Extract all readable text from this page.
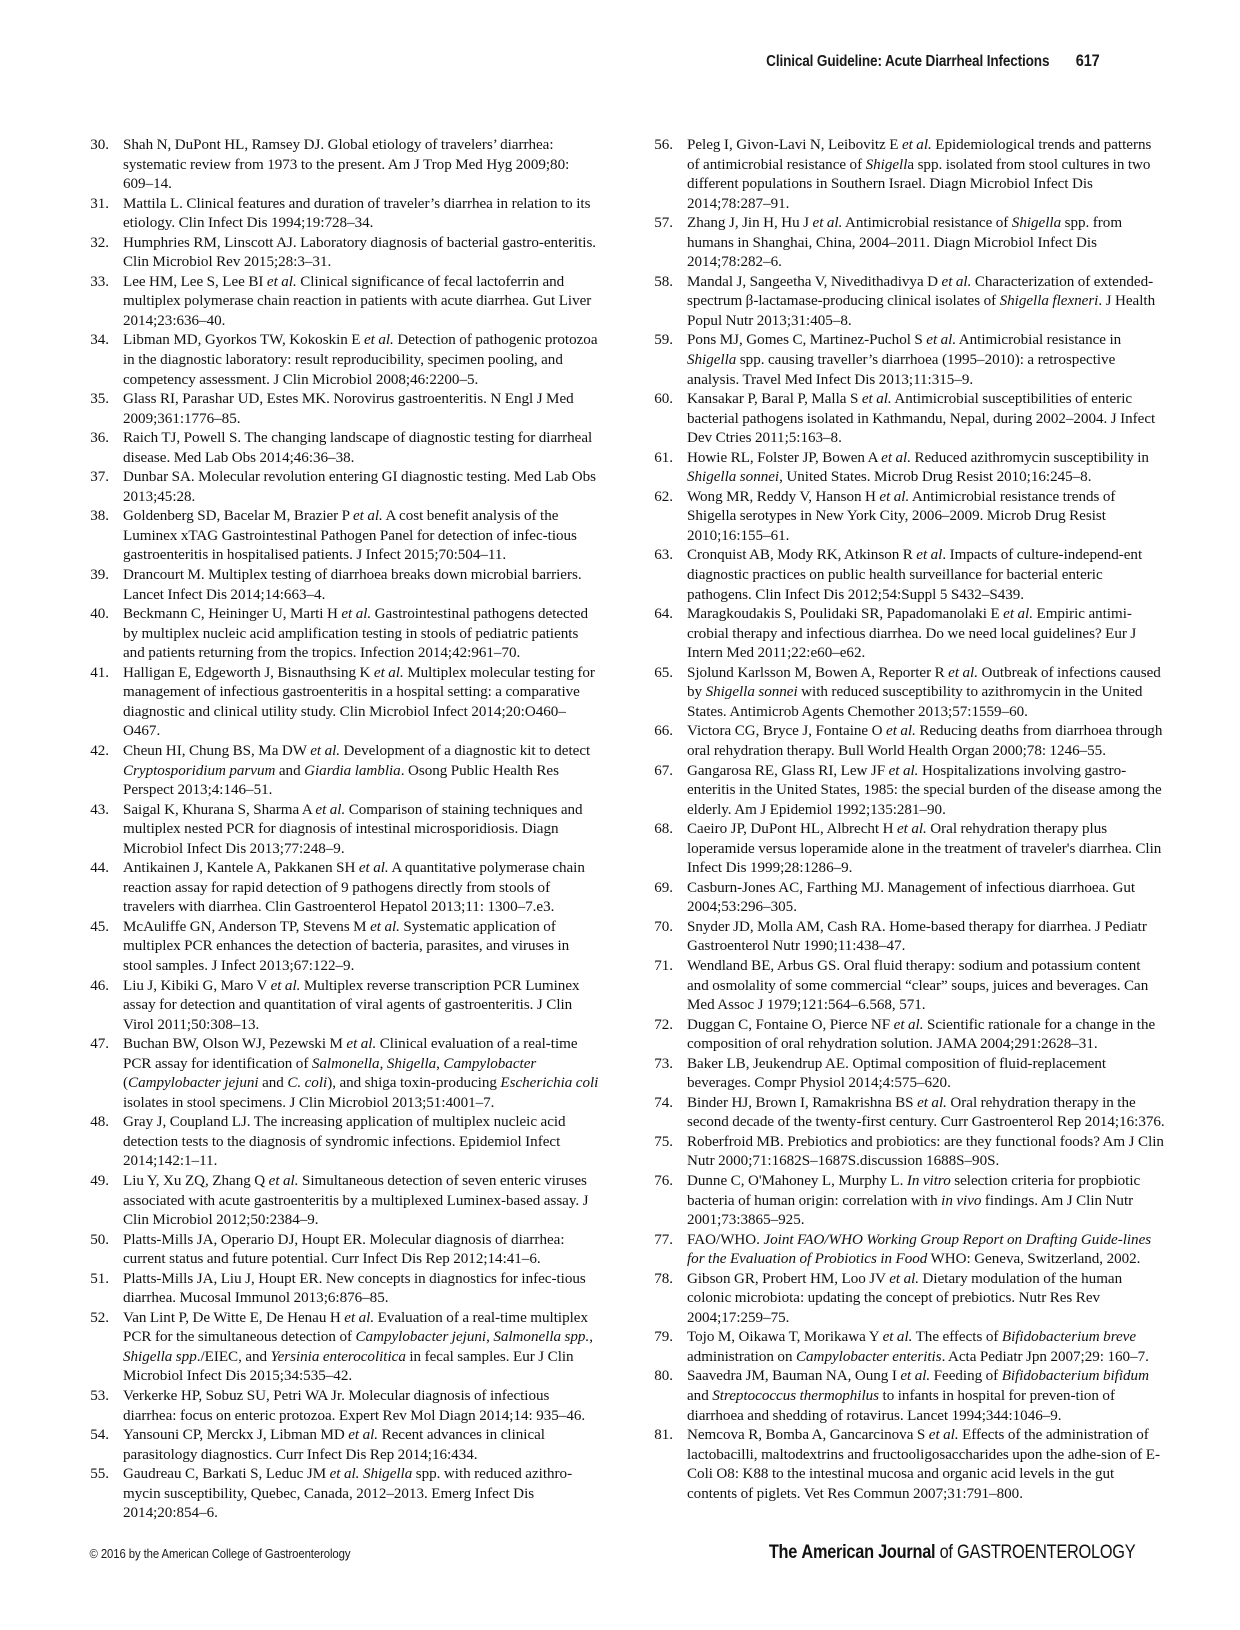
Clinical Guideline: Acute Diarrheal Infections 617
30. Shah N, DuPont HL, Ramsey DJ. Global etiology of travelers’ diarrhea: systematic review from 1973 to the present. Am J Trop Med Hyg 2009;80: 609–14.
31. Mattila L. Clinical features and duration of traveler’s diarrhea in relation to its etiology. Clin Infect Dis 1994;19:728–34.
32. Humphries RM, Linscott AJ. Laboratory diagnosis of bacterial gastro-enteritis. Clin Microbiol Rev 2015;28:3–31.
33. Lee HM, Lee S, Lee BI et al. Clinical significance of fecal lactoferrin and multiplex polymerase chain reaction in patients with acute diarrhea. Gut Liver 2014;23:636–40.
34. Libman MD, Gyorkos TW, Kokoskin E et al. Detection of pathogenic protozoa in the diagnostic laboratory: result reproducibility, specimen pooling, and competency assessment. J Clin Microbiol 2008;46:2200–5.
35. Glass RI, Parashar UD, Estes MK. Norovirus gastroenteritis. N Engl J Med 2009;361:1776–85.
36. Raich TJ, Powell S. The changing landscape of diagnostic testing for diarrheal disease. Med Lab Obs 2014;46:36–38.
37. Dunbar SA. Molecular revolution entering GI diagnostic testing. Med Lab Obs 2013;45:28.
38. Goldenberg SD, Bacelar M, Brazier P et al. A cost benefit analysis of the Luminex xTAG Gastrointestinal Pathogen Panel for detection of infec-tious gastroenteritis in hospitalised patients. J Infect 2015;70:504–11.
39. Drancourt M. Multiplex testing of diarrhoea breaks down microbial barriers. Lancet Infect Dis 2014;14:663–4.
40. Beckmann C, Heininger U, Marti H et al. Gastrointestinal pathogens detected by multiplex nucleic acid amplification testing in stools of pediatric patients and patients returning from the tropics. Infection 2014;42:961–70.
41. Halligan E, Edgeworth J, Bisnauthsing K et al. Multiplex molecular testing for management of infectious gastroenteritis in a hospital setting: a comparative diagnostic and clinical utility study. Clin Microbiol Infect 2014;20:O460–O467.
42. Cheun HI, Chung BS, Ma DW et al. Development of a diagnostic kit to detect Cryptosporidium parvum and Giardia lamblia. Osong Public Health Res Perspect 2013;4:146–51.
43. Saigal K, Khurana S, Sharma A et al. Comparison of staining techniques and multiplex nested PCR for diagnosis of intestinal microsporidiosis. Diagn Microbiol Infect Dis 2013;77:248–9.
44. Antikainen J, Kantele A, Pakkanen SH et al. A quantitative polymerase chain reaction assay for rapid detection of 9 pathogens directly from stools of travelers with diarrhea. Clin Gastroenterol Hepatol 2013;11: 1300–7.e3.
45. McAuliffe GN, Anderson TP, Stevens M et al. Systematic application of multiplex PCR enhances the detection of bacteria, parasites, and viruses in stool samples. J Infect 2013;67:122–9.
46. Liu J, Kibiki G, Maro V et al. Multiplex reverse transcription PCR Luminex assay for detection and quantitation of viral agents of gastroenteritis. J Clin Virol 2011;50:308–13.
47. Buchan BW, Olson WJ, Pezewski M et al. Clinical evaluation of a real-time PCR assay for identification of Salmonella, Shigella, Campylobacter (Campylobacter jejuni and C. coli), and shiga toxin-producing Escherichia coli isolates in stool specimens. J Clin Microbiol 2013;51:4001–7.
48. Gray J, Coupland LJ. The increasing application of multiplex nucleic acid detection tests to the diagnosis of syndromic infections. Epidemiol Infect 2014;142:1–11.
49. Liu Y, Xu ZQ, Zhang Q et al. Simultaneous detection of seven enteric viruses associated with acute gastroenteritis by a multiplexed Luminex-based assay. J Clin Microbiol 2012;50:2384–9.
50. Platts-Mills JA, Operario DJ, Houpt ER. Molecular diagnosis of diarrhea: current status and future potential. Curr Infect Dis Rep 2012;14:41–6.
51. Platts-Mills JA, Liu J, Houpt ER. New concepts in diagnostics for infec-tious diarrhea. Mucosal Immunol 2013;6:876–85.
52. Van Lint P, De Witte E, De Henau H et al. Evaluation of a real-time multiplex PCR for the simultaneous detection of Campylobacter jejuni, Salmonella spp., Shigella spp./EIEC, and Yersinia enterocolitica in fecal samples. Eur J Clin Microbiol Infect Dis 2015;34:535–42.
53. Verkerke HP, Sobuz SU, Petri WA Jr. Molecular diagnosis of infectious diarrhea: focus on enteric protozoa. Expert Rev Mol Diagn 2014;14: 935–46.
54. Yansouni CP, Merckx J, Libman MD et al. Recent advances in clinical parasitology diagnostics. Curr Infect Dis Rep 2014;16:434.
55. Gaudreau C, Barkati S, Leduc JM et al. Shigella spp. with reduced azithro-mycin susceptibility, Quebec, Canada, 2012–2013. Emerg Infect Dis 2014;20:854–6.
56. Peleg I, Givon-Lavi N, Leibovitz E et al. Epidemiological trends and patterns of antimicrobial resistance of Shigella spp. isolated from stool cultures in two different populations in Southern Israel. Diagn Microbiol Infect Dis 2014;78:287–91.
57. Zhang J, Jin H, Hu J et al. Antimicrobial resistance of Shigella spp. from humans in Shanghai, China, 2004–2011. Diagn Microbiol Infect Dis 2014;78:282–6.
58. Mandal J, Sangeetha V, Nivedithadivya D et al. Characterization of extended-spectrum β-lactamase-producing clinical isolates of Shigella flexneri. J Health Popul Nutr 2013;31:405–8.
59. Pons MJ, Gomes C, Martinez-Puchol S et al. Antimicrobial resistance in Shigella spp. causing traveller’s diarrhoea (1995–2010): a retrospective analysis. Travel Med Infect Dis 2013;11:315–9.
60. Kansakar P, Baral P, Malla S et al. Antimicrobial susceptibilities of enteric bacterial pathogens isolated in Kathmandu, Nepal, during 2002–2004. J Infect Dev Ctries 2011;5:163–8.
61. Howie RL, Folster JP, Bowen A et al. Reduced azithromycin susceptibility in Shigella sonnei, United States. Microb Drug Resist 2010;16:245–8.
62. Wong MR, Reddy V, Hanson H et al. Antimicrobial resistance trends of Shigella serotypes in New York City, 2006–2009. Microb Drug Resist 2010;16:155–61.
63. Cronquist AB, Mody RK, Atkinson R et al. Impacts of culture-independ-ent diagnostic practices on public health surveillance for bacterial enteric pathogens. Clin Infect Dis 2012;54:Suppl 5 S432–S439.
64. Maragkoudakis S, Poulidaki SR, Papadomanolaki E et al. Empiric antimi-crobial therapy and infectious diarrhea. Do we need local guidelines? Eur J Intern Med 2011;22:e60–e62.
65. Sjolund Karlsson M, Bowen A, Reporter R et al. Outbreak of infections caused by Shigella sonnei with reduced susceptibility to azithromycin in the United States. Antimicrob Agents Chemother 2013;57:1559–60.
66. Victora CG, Bryce J, Fontaine O et al. Reducing deaths from diarrhoea through oral rehydration therapy. Bull World Health Organ 2000;78: 1246–55.
67. Gangarosa RE, Glass RI, Lew JF et al. Hospitalizations involving gastro-enteritis in the United States, 1985: the special burden of the disease among the elderly. Am J Epidemiol 1992;135:281–90.
68. Caeiro JP, DuPont HL, Albrecht H et al. Oral rehydration therapy plus loperamide versus loperamide alone in the treatment of traveler's diarrhea. Clin Infect Dis 1999;28:1286–9.
69. Casburn-Jones AC, Farthing MJ. Management of infectious diarrhoea. Gut 2004;53:296–305.
70. Snyder JD, Molla AM, Cash RA. Home-based therapy for diarrhea. J Pediatr Gastroenterol Nutr 1990;11:438–47.
71. Wendland BE, Arbus GS. Oral fluid therapy: sodium and potassium content and osmolality of some commercial “clear” soups, juices and beverages. Can Med Assoc J 1979;121:564–6.568, 571.
72. Duggan C, Fontaine O, Pierce NF et al. Scientific rationale for a change in the composition of oral rehydration solution. JAMA 2004;291:2628–31.
73. Baker LB, Jeukendrup AE. Optimal composition of fluid-replacement beverages. Compr Physiol 2014;4:575–620.
74. Binder HJ, Brown I, Ramakrishna BS et al. Oral rehydration therapy in the second decade of the twenty-first century. Curr Gastroenterol Rep 2014;16:376.
75. Roberfroid MB. Prebiotics and probiotics: are they functional foods? Am J Clin Nutr 2000;71:1682S–1687S.discussion 1688S–90S.
76. Dunne C, O'Mahoney L, Murphy L. In vitro selection criteria for propbiotic bacteria of human origin: correlation with in vivo findings. Am J Clin Nutr 2001;73:3865–925.
77. FAO/WHO. Joint FAO/WHO Working Group Report on Drafting Guide-lines for the Evaluation of Probiotics in Food WHO: Geneva, Switzerland, 2002.
78. Gibson GR, Probert HM, Loo JV et al. Dietary modulation of the human colonic microbiota: updating the concept of prebiotics. Nutr Res Rev 2004;17:259–75.
79. Tojo M, Oikawa T, Morikawa Y et al. The effects of Bifidobacterium breve administration on Campylobacter enteritis. Acta Pediatr Jpn 2007;29: 160–7.
80. Saavedra JM, Bauman NA, Oung I et al. Feeding of Bifidobacterium bifidum and Streptococcus thermophilus to infants in hospital for preven-tion of diarrhoea and shedding of rotavirus. Lancet 1994;344:1046–9.
81. Nemcova R, Bomba A, Gancarcinova S et al. Effects of the administration of lactobacilli, maltodextrins and fructooligosaccharides upon the adhe-sion of E-Coli O8: K88 to the intestinal mucosa and organic acid levels in the gut contents of piglets. Vet Res Commun 2007;31:791–800.
© 2016 by the American College of Gastroenterology	The American Journal of GASTROENTEROLOGY
